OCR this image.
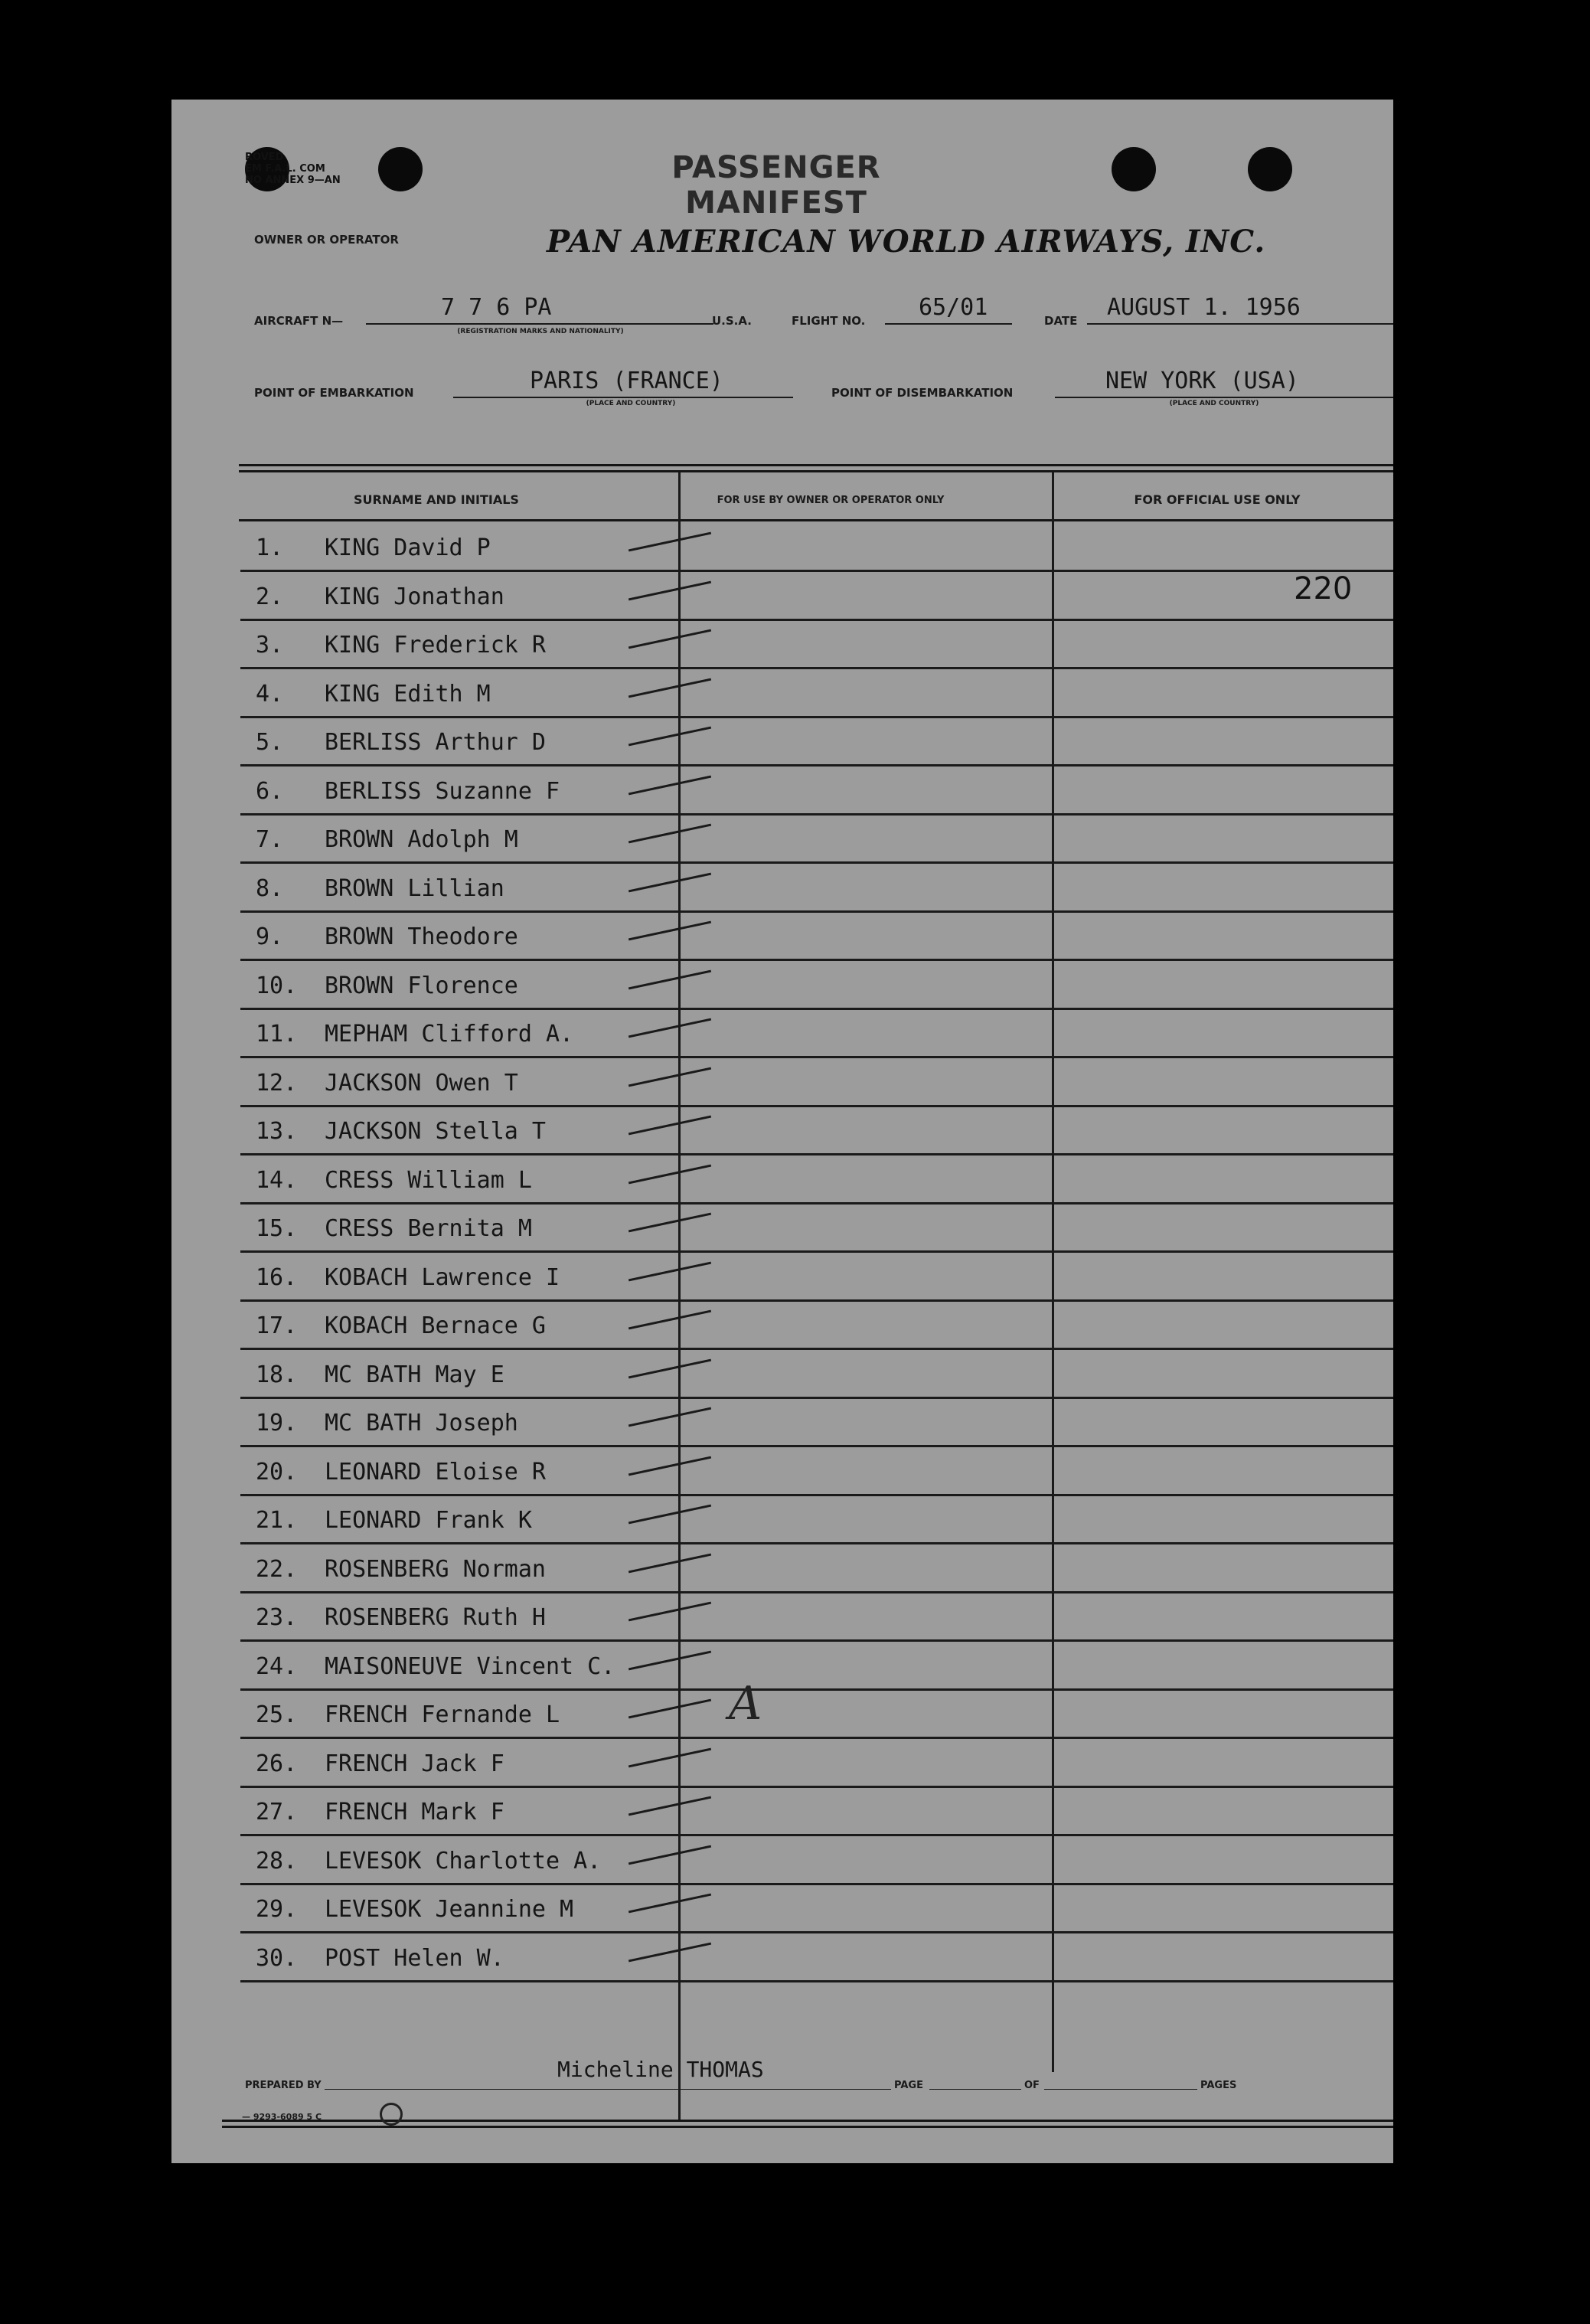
ROVED
EM F.A.L. COM
NO ANNEX 9—AN	PASSENGER MANIFEST
OWNER OR OPERATOR	PAN AMERICAN WORLD AIRWAYS, INC.
AIRCRAFT N—	7 7 6 PA
(REGISTRATION MARKS AND NATIONALITY)
U.S.A.	FLIGHT NO. 65/01	DATE AUGUST 1. 1956
POINT OF EMBARKATION	PARIS (FRANCE)
(PLACE AND COUNTRY)
POINT OF DISEMBARKATION	NEW YORK (USA)
(PLACE AND COUNTRY)
SURNAME AND INITIALS	FOR USE BY OWNER OR OPERATOR ONLY	FOR OFFICIAL USE ONLY
1. KING David P
2. KING Jonathan
3. KING Frederick R
4. KING Edith M
5. BERLISS Arthur D
6. BERLISS Suzanne F
7. BROWN Adolph M
8. BROWN Lillian
9. BROWN Theodore
10. BROWN Florence
11. MEPHAM Clifford A.
12. JACKSON Owen T
13. JACKSON Stella T
14. CRESS William L
15. CRESS Bernita M
16. KOBACH Lawrence I
17. KOBACH Bernace G
18. MC BATH May E
19. MC BATH Joseph
20. LEONARD Eloise R
21. LEONARD Frank K
22. ROSENBERG Norman
23. ROSENBERG Ruth H
24. MAISONEUVE Vincent C.
25. FRENCH Fernande L
26. FRENCH Jack F
27. FRENCH Mark F
28. LEVESOK Charlotte A.
29. LEVESOK Jeannine M
30. POST Helen W.
220
A
PREPARED BY
Micheline THOMAS
PAGE	OF	PAGES
— 9293-6089 5 C
